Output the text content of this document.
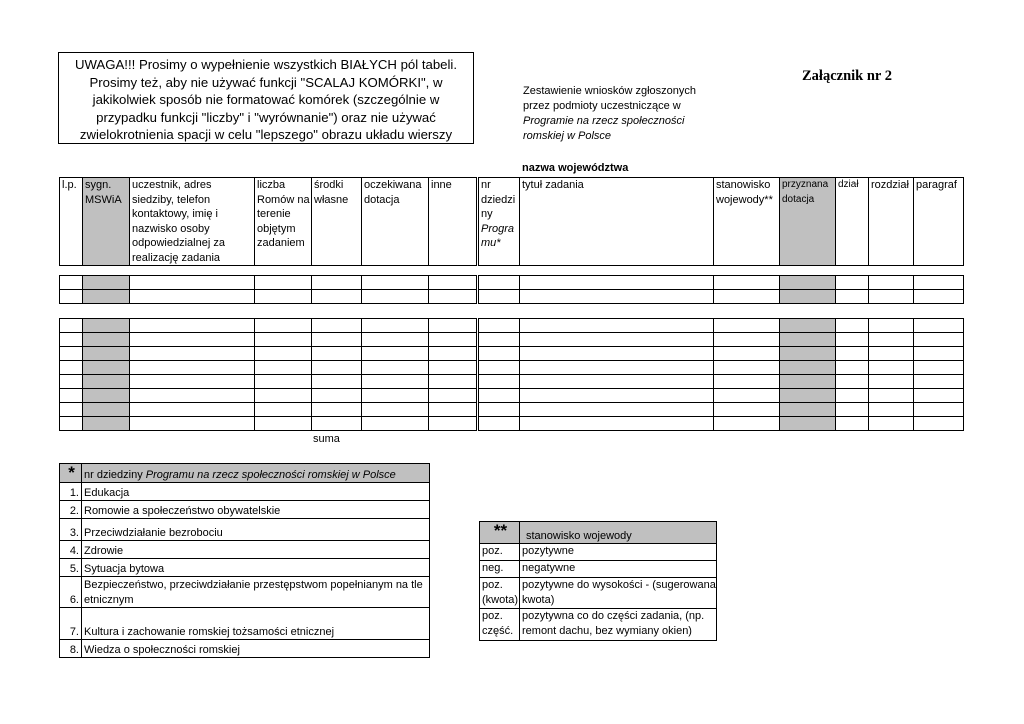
UWAGA!!! Prosimy o wypełnienie wszystkich BIAŁYCH pól tabeli.
Prosimy też, aby nie używać funkcji "SCALAJ KOMÓRKI", w
jakikolwiek sposób nie formatować komórek (szczególnie w
przypadku funkcji "liczby" i "wyrównanie") oraz nie używać
zwielokrotnienia spacji w celu "lepszego" obrazu układu wierszy
Zestawienie wniosków zgłoszonych
przez podmioty uczestniczące w
Programie na rzecz społeczności
romskiej w Polsce
Załącznik nr 2
nazwa województwa
l.p.	sygn. MSWiA	uczestnik, adres siedziby, telefon kontaktowy, imię i nazwisko osoby odpowiedzialnej za realizację zadania	liczba Romów na terenie objętym zadaniem	środki własne	oczekiwana dotacja	inne	nr dziedzi ny Progra mu*	tytuł zadania	stanowisko wojewody**	przyznana dotacja	dział	rozdział	paragraf

suma
*	nr dziedziny Programu na rzecz społeczności romskiej w Polsce
1.	Edukacja
2.	Romowie a społeczeństwo obywatelskie
3.	Przeciwdziałanie bezrobociu
4.	Zdrowie
5.	Sytuacja bytowa
6.	Bezpieczeństwo, przeciwdziałanie przestępstwom popełnianym na tle etnicznym
7.	Kultura i zachowanie romskiej tożsamości etnicznej
8.	Wiedza o społeczności romskiej
**	stanowisko wojewody
poz.	pozytywne
neg.	negatywne
poz. (kwota)	pozytywne do wysokości - (sugerowana kwota)
poz. część.	pozytywna co do części zadania, (np. remont dachu, bez wymiany okien)
